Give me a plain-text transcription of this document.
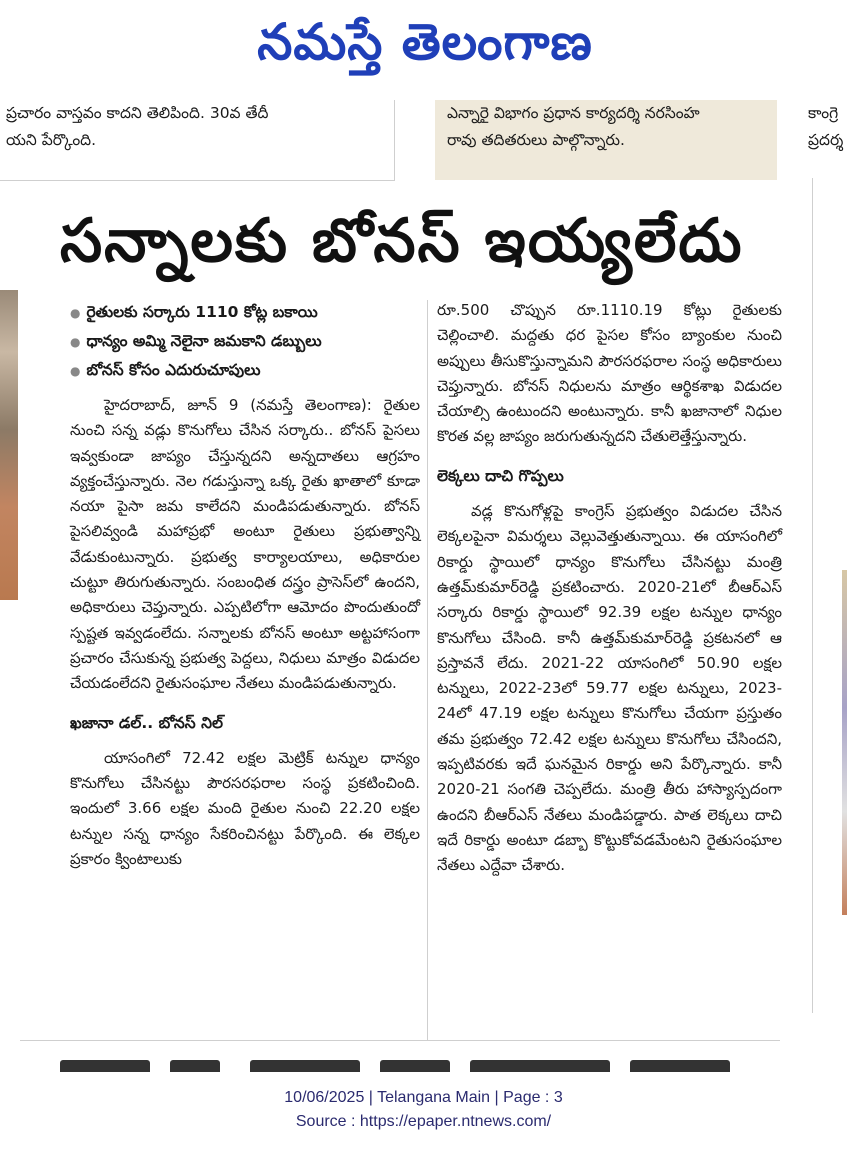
నమస్తే తెలంగాణ
ప్రచారం వాస్తవం కాదని తెలిపింది. 30వ తేదీ
యని పేర్కొంది.
ఎన్నారై విభాగం ప్రధాన కార్యదర్శి నరసింహ
రావు తదితరులు పాల్గొన్నారు.
కాంగ్రె
ప్రదర్శ
సన్నాలకు బోనస్ ఇయ్యలేదు
● రైతులకు సర్కారు 1110 కోట్ల బకాయి
● ధాన్యం అమ్మి నెలైనా జమకాని డబ్బులు
● బోనస్ కోసం ఎదురుచూపులు

హైదరాబాద్, జూన్ 9 (నమస్తే తెలంగాణ): రైతుల నుంచి సన్న వడ్లు కొనుగోలు చేసిన సర్కారు.. బోనస్ పైసలు ఇవ్వకుండా జాప్యం చేస్తున్నదని అన్నదాతలు ఆగ్రహం వ్యక్తంచేస్తున్నారు. నెల గడుస్తున్నా ఒక్క రైతు ఖాతాలో కూడా నయా పైసా జమ కాలేదని మండిపడుతున్నారు. బోనస్ పైసలివ్వండి మహాప్రభో అంటూ రైతులు ప్రభుత్వాన్ని వేడుకుంటున్నారు. ప్రభుత్వ కార్యాలయాలు, అధికారుల చుట్టూ తిరుగుతున్నారు. సంబంధిత దస్త్రం ప్రాసెస్‌లో ఉందని, అధికారులు చెప్తున్నారు. ఎప్పటిలోగా ఆమోదం పొందుతుందో స్పష్టత ఇవ్వడంలేదు. సన్నాలకు బోనస్ అంటూ అట్టహాసంగా ప్రచారం చేసుకున్న ప్రభుత్వ పెద్దలు, నిధులు మాత్రం విడుదల చేయడంలేదని రైతుసంఘాల నేతలు మండిపడుతున్నారు.

ఖజానా డల్.. బోనస్ నిల్

యాసంగిలో 72.42 లక్షల మెట్రిక్ టన్నుల ధాన్యం కొనుగోలు చేసినట్టు పౌరసరఫరాల సంస్థ ప్రకటించింది. ఇందులో 3.66 లక్షల మంది రైతుల నుంచి 22.20 లక్షల టన్నుల సన్న ధాన్యం సేకరించినట్టు పేర్కొంది. ఈ లెక్కల ప్రకారం క్వింటాలుకు

రూ.500 చొప్పున రూ.1110.19 కోట్లు రైతులకు చెల్లించాలి. మద్దతు ధర పైసల కోసం బ్యాంకుల నుంచి అప్పులు తీసుకొస్తున్నామని పౌరసరఫరాల సంస్థ అధికారులు చెప్తున్నారు. బోనస్ నిధులను మాత్రం ఆర్థికశాఖ విడుదల చేయాల్సి ఉంటుందని అంటున్నారు. కానీ ఖజానాలో నిధుల కొరత వల్ల జాప్యం జరుగుతున్నదని చేతులెత్తేస్తున్నారు.

లెక్కలు దాచి గొప్పలు

వడ్ల కొనుగోళ్లపై కాంగ్రెస్ ప్రభుత్వం విడుదల చేసిన లెక్కలపైనా విమర్శలు వెల్లువెత్తుతున్నాయి. ఈ యాసంగిలో రికార్డు స్థాయిలో ధాన్యం కొనుగోలు చేసినట్టు మంత్రి ఉత్తమ్‌కుమార్‌రెడ్డి ప్రకటించారు. 2020-21లో బీఆర్ఎస్ సర్కారు రికార్డు స్థాయిలో 92.39 లక్షల టన్నుల ధాన్యం కొనుగోలు చేసింది. కానీ ఉత్తమ్‌కుమార్‌రెడ్డి ప్రకటనలో ఆ ప్రస్తావనే లేదు. 2021-22 యాసంగిలో 50.90 లక్షల టన్నులు, 2022-23లో 59.77 లక్షల టన్నులు, 2023-24లో 47.19 లక్షల టన్నులు కొనుగోలు చేయగా ప్రస్తుతం తమ ప్రభుత్వం 72.42 లక్షల టన్నులు కొనుగోలు చేసిందని, ఇప్పటివరకు ఇదే ఘనమైన రికార్డు అని పేర్కొన్నారు. కానీ 2020-21 సంగతి చెప్పలేదు. మంత్రి తీరు హాస్యాస్పదంగా ఉందని బీఆర్ఎస్ నేతలు మండిపడ్డారు. పాత లెక్కలు దాచి ఇదే రికార్డు అంటూ డబ్బా కొట్టుకోవడమేంటని రైతుసంఘాల నేతలు ఎద్దేవా చేశారు.

10/06/2025 | Telangana Main | Page : 3
Source : https://epaper.ntnews.com/
